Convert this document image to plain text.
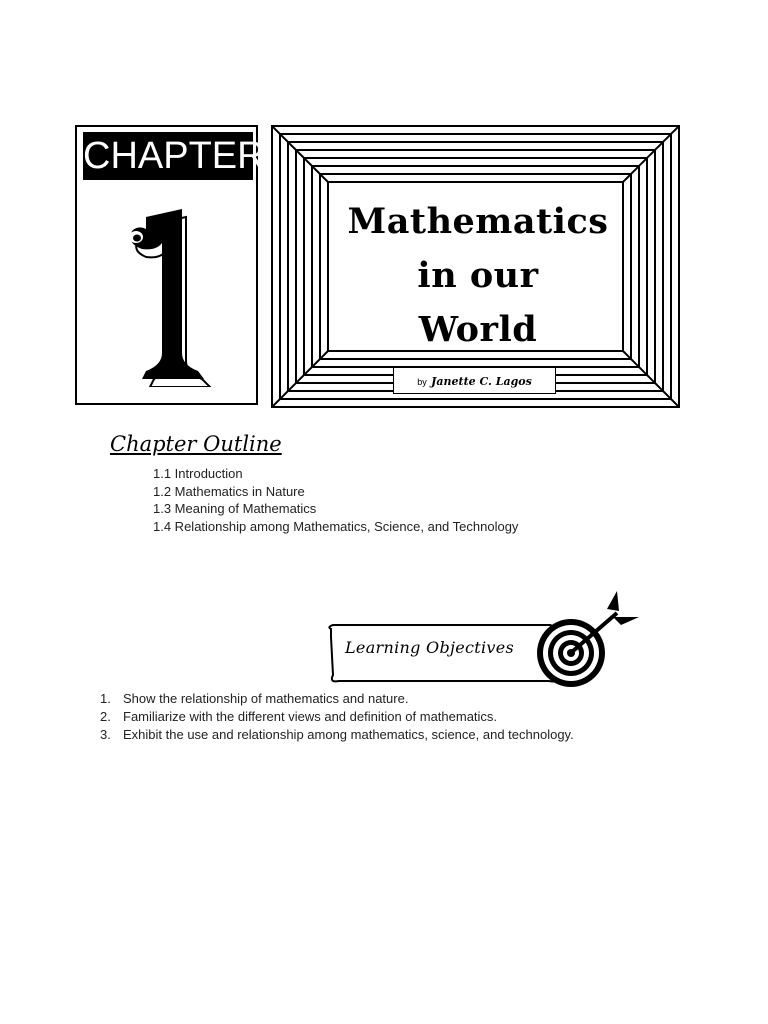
CHAPTER
Mathematics
in our
World
by Janette C. Lagos
Chapter Outline
1.1 Introduction
1.2 Mathematics in Nature
1.3 Meaning of Mathematics
1.4 Relationship among Mathematics, Science, and Technology
Learning Objectives
1. Show the relationship of mathematics and nature.
2. Familiarize with the different views and definition of mathematics.
3. Exhibit the use and relationship among mathematics, science, and technology.
